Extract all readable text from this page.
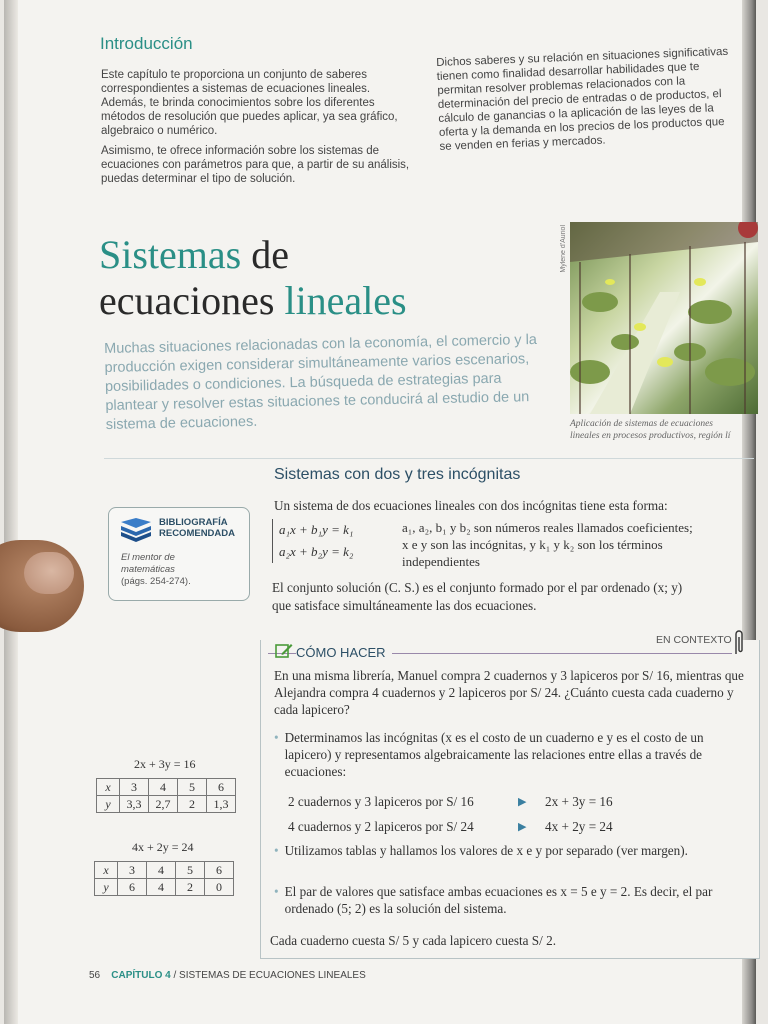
Introducción

Este capítulo te proporciona un conjunto de saberes correspondientes a sistemas de ecuaciones lineales. Además, te brinda conocimientos sobre los diferentes métodos de resolución que puedes aplicar, ya sea gráfico, algebraico o numérico.

Asimismo, te ofrece información sobre los sistemas de ecuaciones con parámetros para que, a partir de su análisis, puedas determinar el tipo de solución.

Dichos saberes y su relación en situaciones significativas tienen como finalidad desarrollar habilidades que te permitan resolver problemas relacionados con la determinación del precio de entradas o de productos, el cálculo de ganancias o la aplicación de las leyes de la oferta y la demanda en los precios de los productos que se venden en ferias y mercados.

Sistemas de
ecuaciones lineales
Muchas situaciones relacionadas con la economía, el comercio y la producción exigen considerar simultáneamente varios escenarios, posibilidades o condiciones. La búsqueda de estrategias para plantear y resolver estas situaciones te conducirá al estudio de un sistema de ecuaciones.
Mylene d'Auriol
Aplicación de sistemas de ecuaciones
lineales en procesos productivos, región lí
Sistemas con dos y tres incógnitas
Un sistema de dos ecuaciones lineales con dos incógnitas tiene esta forma:
a₁x + b₁y = k₁
a₂x + b₂y = k₂
a₁, a₂, b₁ y b₂ son números reales llamados coeficientes;
x e y son las incógnitas, y k₁ y k₂ son los términos
independientes
El conjunto solución (C. S.) es el conjunto formado por el par ordenado (x; y)
que satisface simultáneamente las dos ecuaciones.
BIBLIOGRAFÍA
RECOMENDADA
El mentor de
matemáticas
(págs. 254-274).
2x + 3y = 16
x	3	4	5	6
y	3,3	2,7	2	1,3
4x + 2y = 24
x	3	4	5	6
y	6	4	2	0
CÓMO HACER
EN CONTEXTO
En una misma librería, Manuel compra 2 cuadernos y 3 lapiceros por S/ 16, mientras que Alejandra compra 4 cuadernos y 2 lapiceros por S/ 24. ¿Cuánto cuesta cada cuaderno y cada lapicero?
• Determinamos las incógnitas (x es el costo de un cuaderno e y es el costo de un lapicero) y representamos algebraicamente las relaciones entre ellas a través de ecuaciones:
2 cuadernos y 3 lapiceros por S/ 16	▶ 2x + 3y = 16
4 cuadernos y 2 lapiceros por S/ 24	▶ 4x + 2y = 24
• Utilizamos tablas y hallamos los valores de x e y por separado (ver margen).
• El par de valores que satisface ambas ecuaciones es x = 5 e y = 2. Es decir, el par ordenado (5; 2) es la solución del sistema.
Cada cuaderno cuesta S/ 5 y cada lapicero cuesta S/ 2.
56 CAPÍTULO 4 / SISTEMAS DE ECUACIONES LINEALES
